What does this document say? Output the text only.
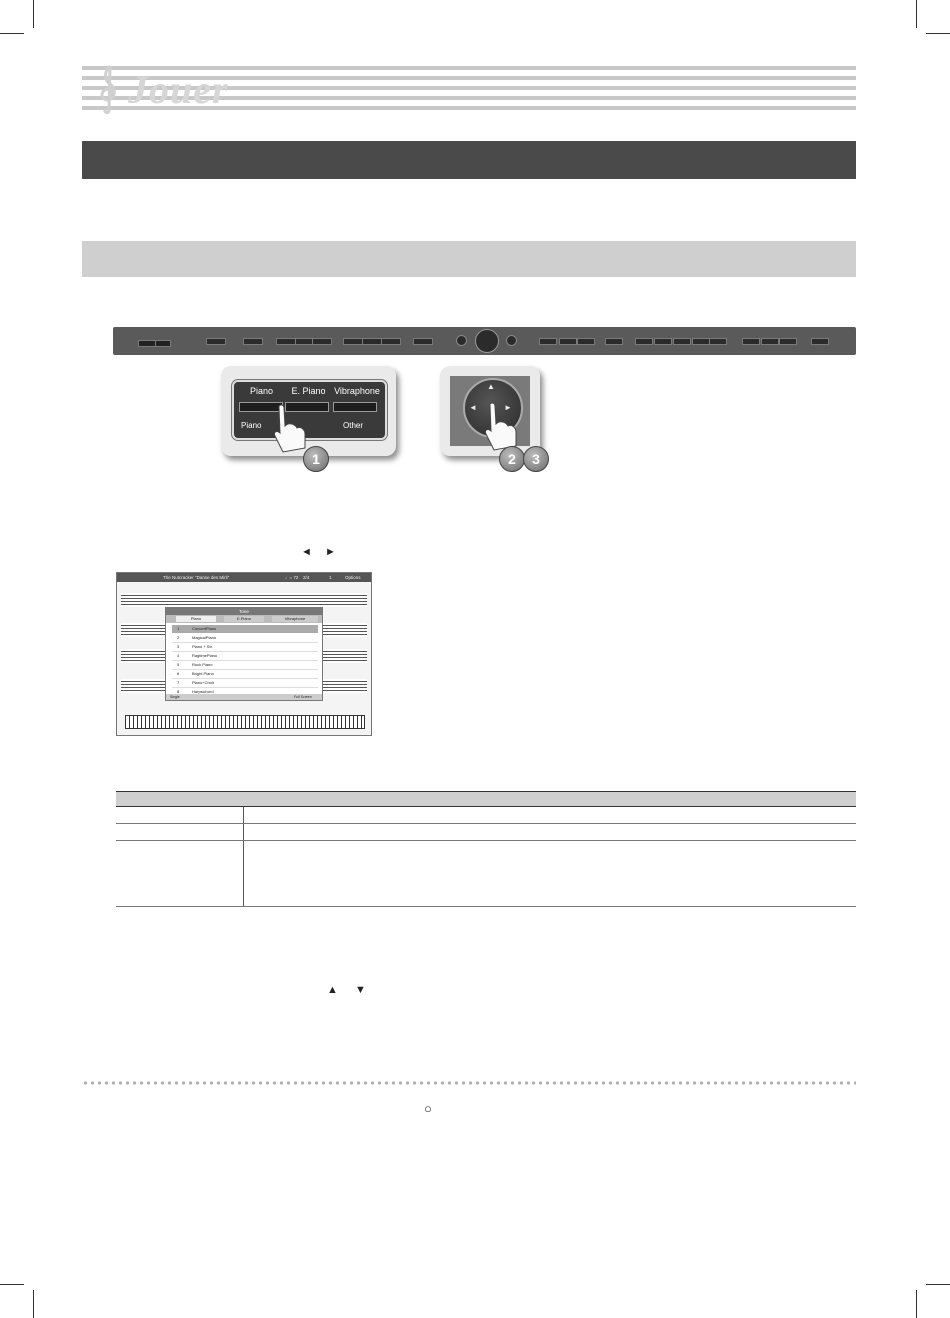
Jouer
Piano	E. Piano Vibraphone
Piano	Other
1
▲
◄	►
2	3
◄ ►
The Nutcracker "Danse des Mirli"	♩= 72 2/4	1	Options
Tone
Piano	E.Piano	Vibraphone
1	ConcertPiano
2	MagicalPiano
3	Piano + Str.
4	RagtimePiano
5	Rock Piano
6	Bright Piano
7	Piano+Choir
8	Harpsichord
Single	Full Screen

▲ ▼
○
